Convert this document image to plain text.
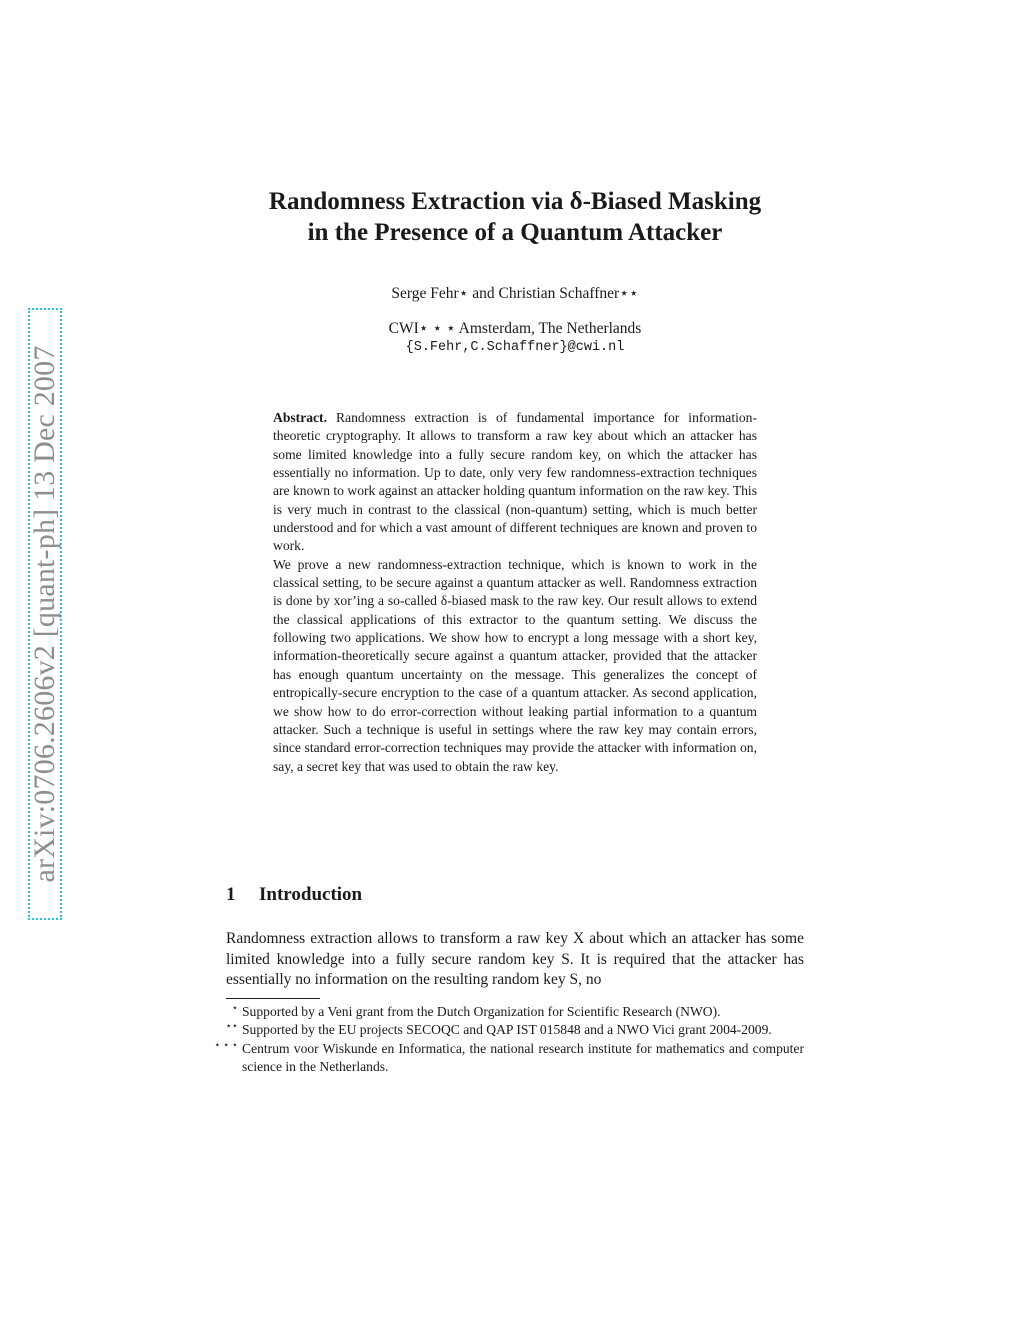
arXiv:0706.2606v2 [quant-ph] 13 Dec 2007
Randomness Extraction via δ-Biased Masking
in the Presence of a Quantum Attacker
Serge Fehr⋆ and Christian Schaffner⋆⋆
CWI⋆ ⋆ ⋆ Amsterdam, The Netherlands
{S.Fehr,C.Schaffner}@cwi.nl

Abstract. Randomness extraction is of fundamental importance for information-theoretic cryptography. It allows to transform a raw key about which an attacker has some limited knowledge into a fully secure random key, on which the attacker has essentially no information. Up to date, only very few randomness-extraction techniques are known to work against an attacker holding quantum information on the raw key. This is very much in contrast to the classical (non-quantum) setting, which is much better understood and for which a vast amount of different techniques are known and proven to work.

We prove a new randomness-extraction technique, which is known to work in the classical setting, to be secure against a quantum attacker as well. Randomness extraction is done by xor’ing a so-called δ-biased mask to the raw key. Our result allows to extend the classical applications of this extractor to the quantum setting. We discuss the following two applications. We show how to encrypt a long message with a short key, information-theoretically secure against a quantum attacker, provided that the attacker has enough quantum uncertainty on the message. This generalizes the concept of entropically-secure encryption to the case of a quantum attacker. As second application, we show how to do error-correction without leaking partial information to a quantum attacker. Such a technique is useful in settings where the raw key may contain errors, since standard error-correction techniques may provide the attacker with information on, say, a secret key that was used to obtain the raw key.

1 Introduction

Randomness extraction allows to transform a raw key X about which an attacker has some limited knowledge into a fully secure random key S. It is required that the attacker has essentially no information on the resulting random key S, no

⋆ Supported by a Veni grant from the Dutch Organization for Scientific Research (NWO).

⋆⋆ Supported by the EU projects SECOQC and QAP IST 015848 and a NWO Vici grant 2004-2009.

⋆ ⋆ ⋆ Centrum voor Wiskunde en Informatica, the national research institute for mathematics and computer science in the Netherlands.
